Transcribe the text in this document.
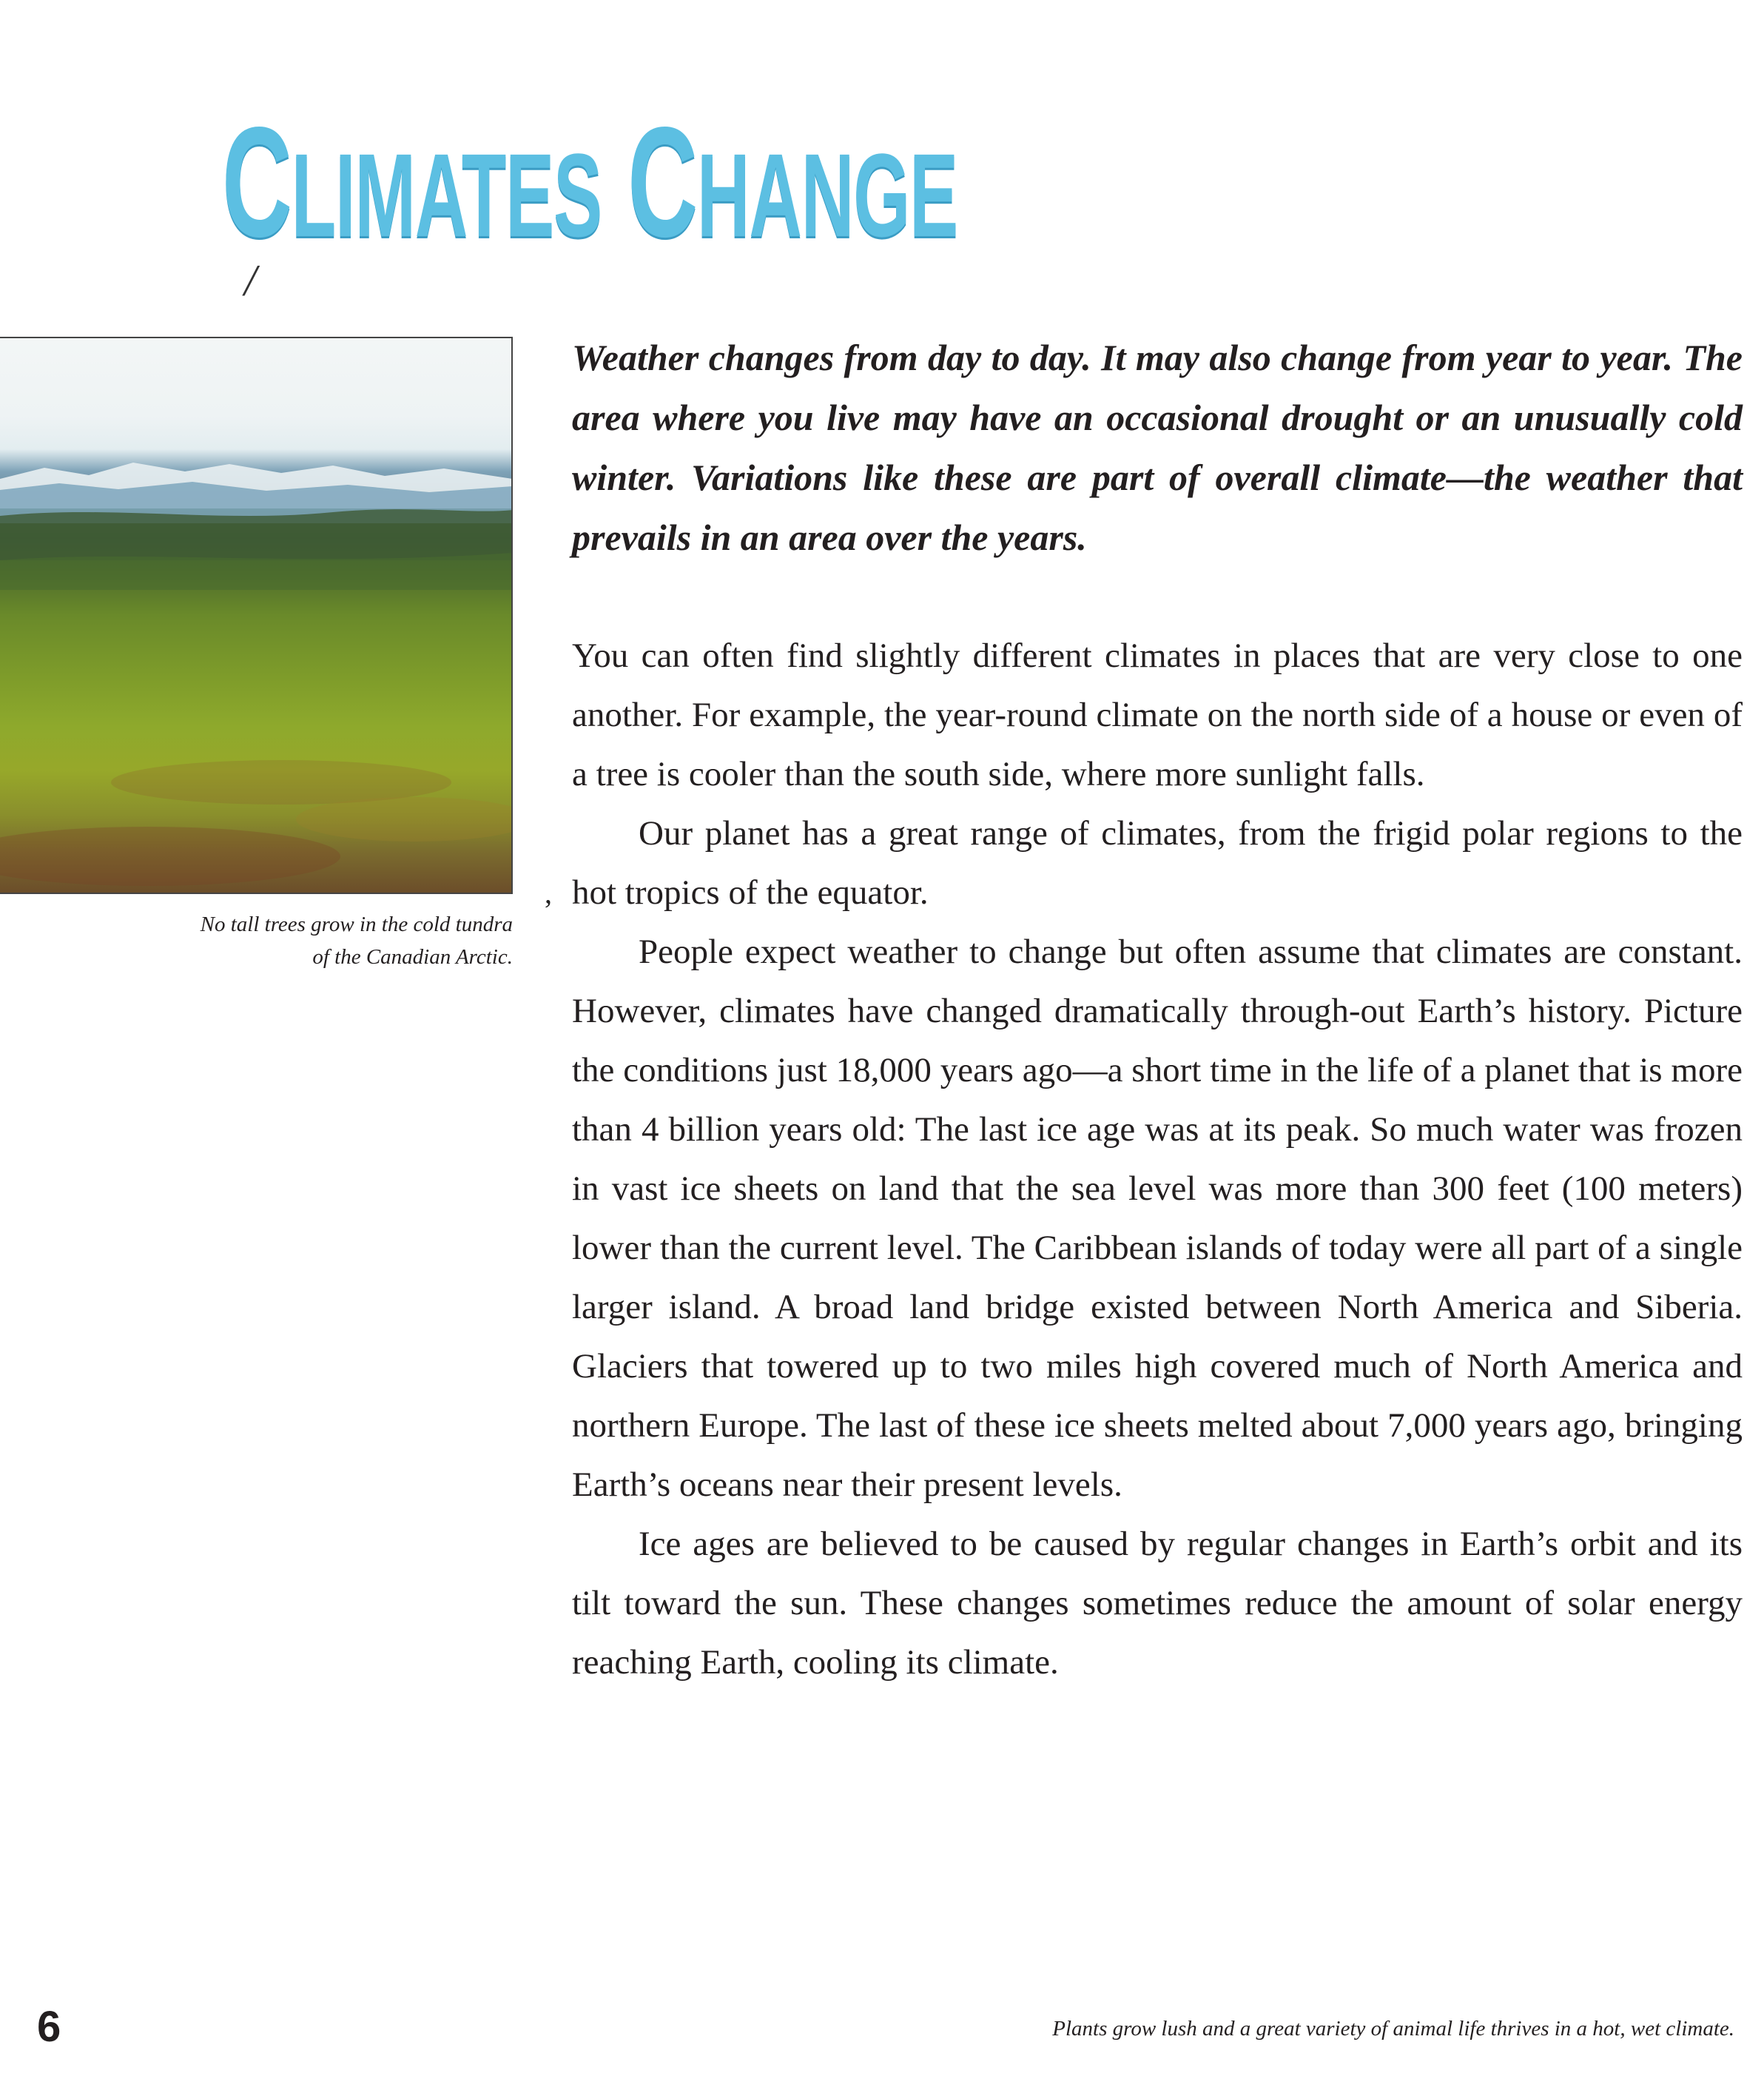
CLIMATES CHANGE
/

No tall trees grow in the cold tundra
of the Canadian Arctic.

,

Weather changes from day to day. It may also change from year to year. The area where you live may have an occasional drought or an unusually cold winter. Variations like these are part of overall climate—the weather that prevails in an area over the years.

You can often find slightly different climates in places that are very close to one another. For example, the year-round climate on the north side of a house or even of a tree is cooler than the south side, where more sunlight falls.

Our planet has a great range of climates, from the frigid polar regions to the hot tropics of the equator.

People expect weather to change but often assume that climates are constant. However, climates have changed dramatically through-out Earth’s history. Picture the conditions just 18,000 years ago—a short time in the life of a planet that is more than 4 billion years old: The last ice age was at its peak. So much water was frozen in vast ice sheets on land that the sea level was more than 300 feet (100 meters) lower than the current level. The Caribbean islands of today were all part of a single larger island. A broad land bridge existed between North America and Siberia. Glaciers that towered up to two miles high covered much of North America and northern Europe. The last of these ice sheets melted about 7,000 years ago, bringing Earth’s oceans near their present levels.

Ice ages are believed to be caused by regular changes in Earth’s orbit and its tilt toward the sun. These changes sometimes reduce the amount of solar energy reaching Earth, cooling its climate.

6	Plants grow lush and a great variety of animal life thrives in a hot, wet climate.
